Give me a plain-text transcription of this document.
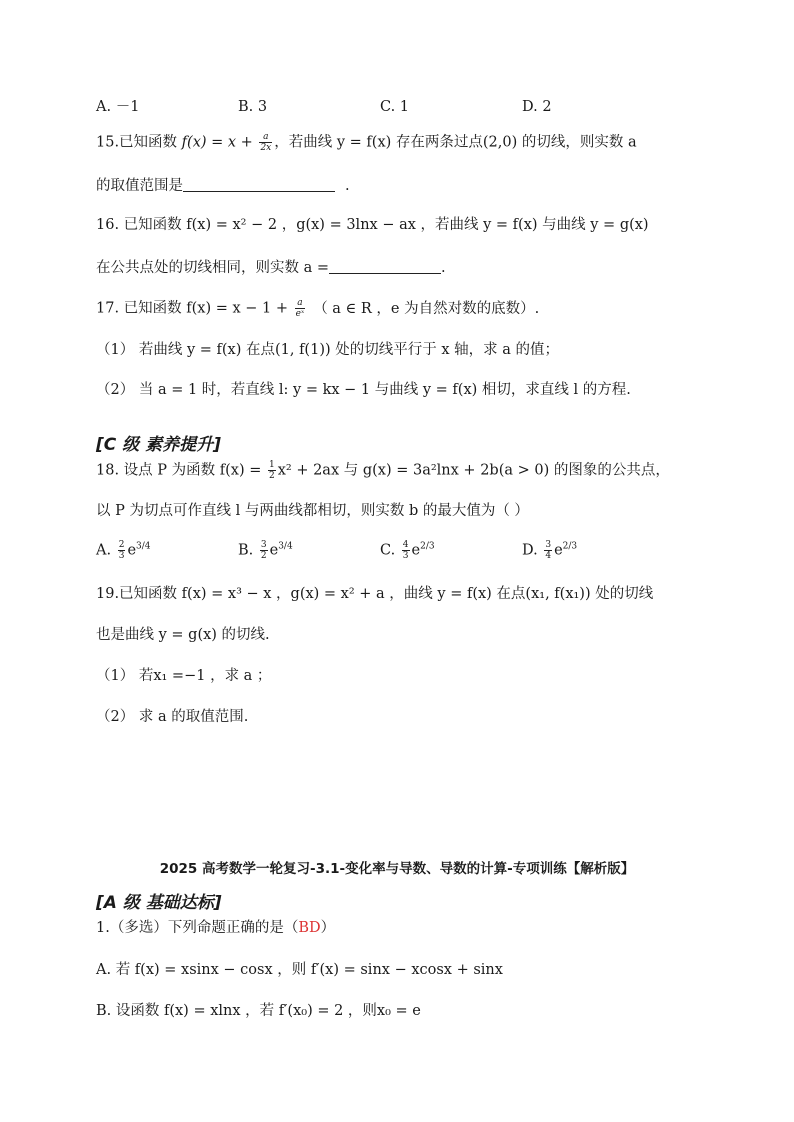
A. －1	B. 3	C. 1	D. 2
15.已知函数 $f(x) = x + \frac{a}{2x}$ ，若曲线 y = f(x) 存在两条过点(2,0) 的切线，则实数 a
的取值范围是	.
16. 已知函数 f(x) = x² − 2 ，g(x) = 3lnx − ax ，若曲线 y = f(x) 与曲线 y = g(x)
在公共点处的切线相同，则实数 a =	.
17. 已知函数 $f(x) = x - 1 + \frac{a}{\text{eˣ}}$ （ a ∈ R ，e 为自然对数的底数）.
（1） 若曲线 y = f(x) 在点(1, f(1)) 处的切线平行于 x 轴，求 a 的值；
（2） 当 a = 1 时，若直线 l: y = kx − 1 与曲线 y = f(x) 相切，求直线 l 的方程.
[C 级 素养提升]
18. 设点 P 为函数 $f(x) = \frac{1}{2} x^2 + 2ax$ 与 g(x) = 3a²lnx + 2b(a > 0) 的图象的公共点，
以 P 为切点可作直线 l 与两曲线都相切，则实数 b 的最大值为（ ）
A. $\frac{2}{3} e^{3/4}$	B. $\frac{3}{2} e^{3/4}$	C. $\frac{4}{3} e^{2/3}$	D. $\frac{3}{4} e^{2/3}$
19.已知函数 f(x) = x³ − x ，g(x) = x² + a ，曲线 y = f(x) 在点(x₁, f(x₁)) 处的切线
也是曲线 y = g(x) 的切线.
（1） 若x₁ =−1 ，求 a ；
（2） 求 a 的取值范围.
2025 高考数学一轮复习-3.1-变化率与导数、导数的计算-专项训练【解析版】
[A 级 基础达标]
1.（多选）下列命题正确的是（BD）
A. 若 f(x) = xsinx − cosx ，则 f′(x) = sinx − xcosx + sinx
B. 设函数 f(x) = xlnx ，若 f′(x₀) = 2 ，则x₀ = e
